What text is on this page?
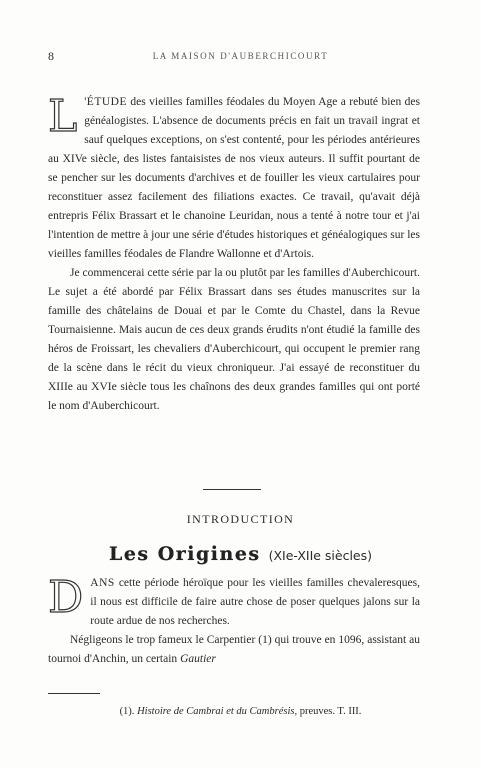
8	LA MAISON D'AUBERCHICOURT

L 'ÉTUDE des vieilles familles féodales du Moyen Age a rebuté bien des généalogistes. L'absence de documents précis en fait un travail ingrat et sauf quelques exceptions, on s'est contenté, pour les périodes antérieures au XIVe siècle, des listes fantaisistes de nos vieux auteurs. Il suffit pourtant de se pencher sur les documents d'archives et de fouiller les vieux cartulaires pour reconstituer assez facilement des filiations exactes. Ce travail, qu'avait déjà entrepris Félix Brassart et le chanoine Leuridan, nous a tenté à notre tour et j'ai l'intention de mettre à jour une série d'études historiques et généalogiques sur les vieilles familles féodales de Flandre Wallonne et d'Artois.

Je commencerai cette série par la ou plutôt par les familles d'Auberchicourt. Le sujet a été abordé par Félix Brassart dans ses études manuscrites sur la famille des châtelains de Douai et par le Comte du Chastel, dans la Revue Tournaisienne. Mais aucun de ces deux grands érudits n'ont étudié la famille des héros de Froissart, les chevaliers d'Auberchicourt, qui occupent le premier rang de la scène dans le récit du vieux chroniqueur. J'ai essayé de reconstituer du XIIIe au XVIe siècle tous les chaînons des deux grandes familles qui ont porté le nom d'Auberchicourt.

INTRODUCTION
Les Origines (XIe-XIIe siècles)

DANS cette période héroïque pour les vieilles familles chevaleresques, il nous est difficile de faire autre chose de poser quelques jalons sur la route ardue de nos recherches.

Négligeons le trop fameux le Carpentier (1) qui trouve en 1096, assistant au tournoi d'Anchin, un certain Gautier

(1). Histoire de Cambrai et du Cambrésis, preuves. T. III.
